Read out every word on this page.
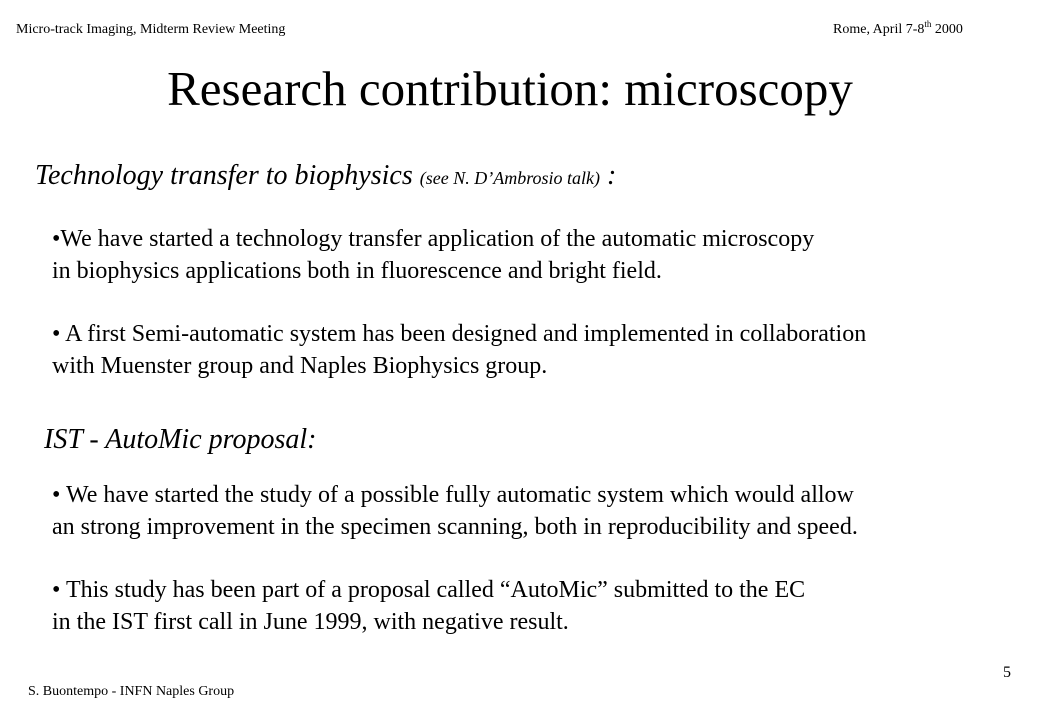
Micro-track Imaging, Midterm Review Meeting	Rome, April 7-8th 2000
Research contribution: microscopy
Technology transfer to biophysics (see N. D’Ambrosio talk) :
•We have started a technology transfer application of the automatic microscopy
in biophysics applications both in fluorescence and bright field.
• A first Semi-automatic system has been designed and implemented in collaboration
with Muenster group and Naples Biophysics group.
IST - AutoMic proposal:
• We have started the study of a possible fully automatic system which would allow
an strong improvement in the specimen scanning, both in reproducibility and speed.
• This study has been part of a proposal called “AutoMic” submitted to the EC
in the IST first call in June 1999, with negative result.
5
S. Buontempo - INFN Naples Group
